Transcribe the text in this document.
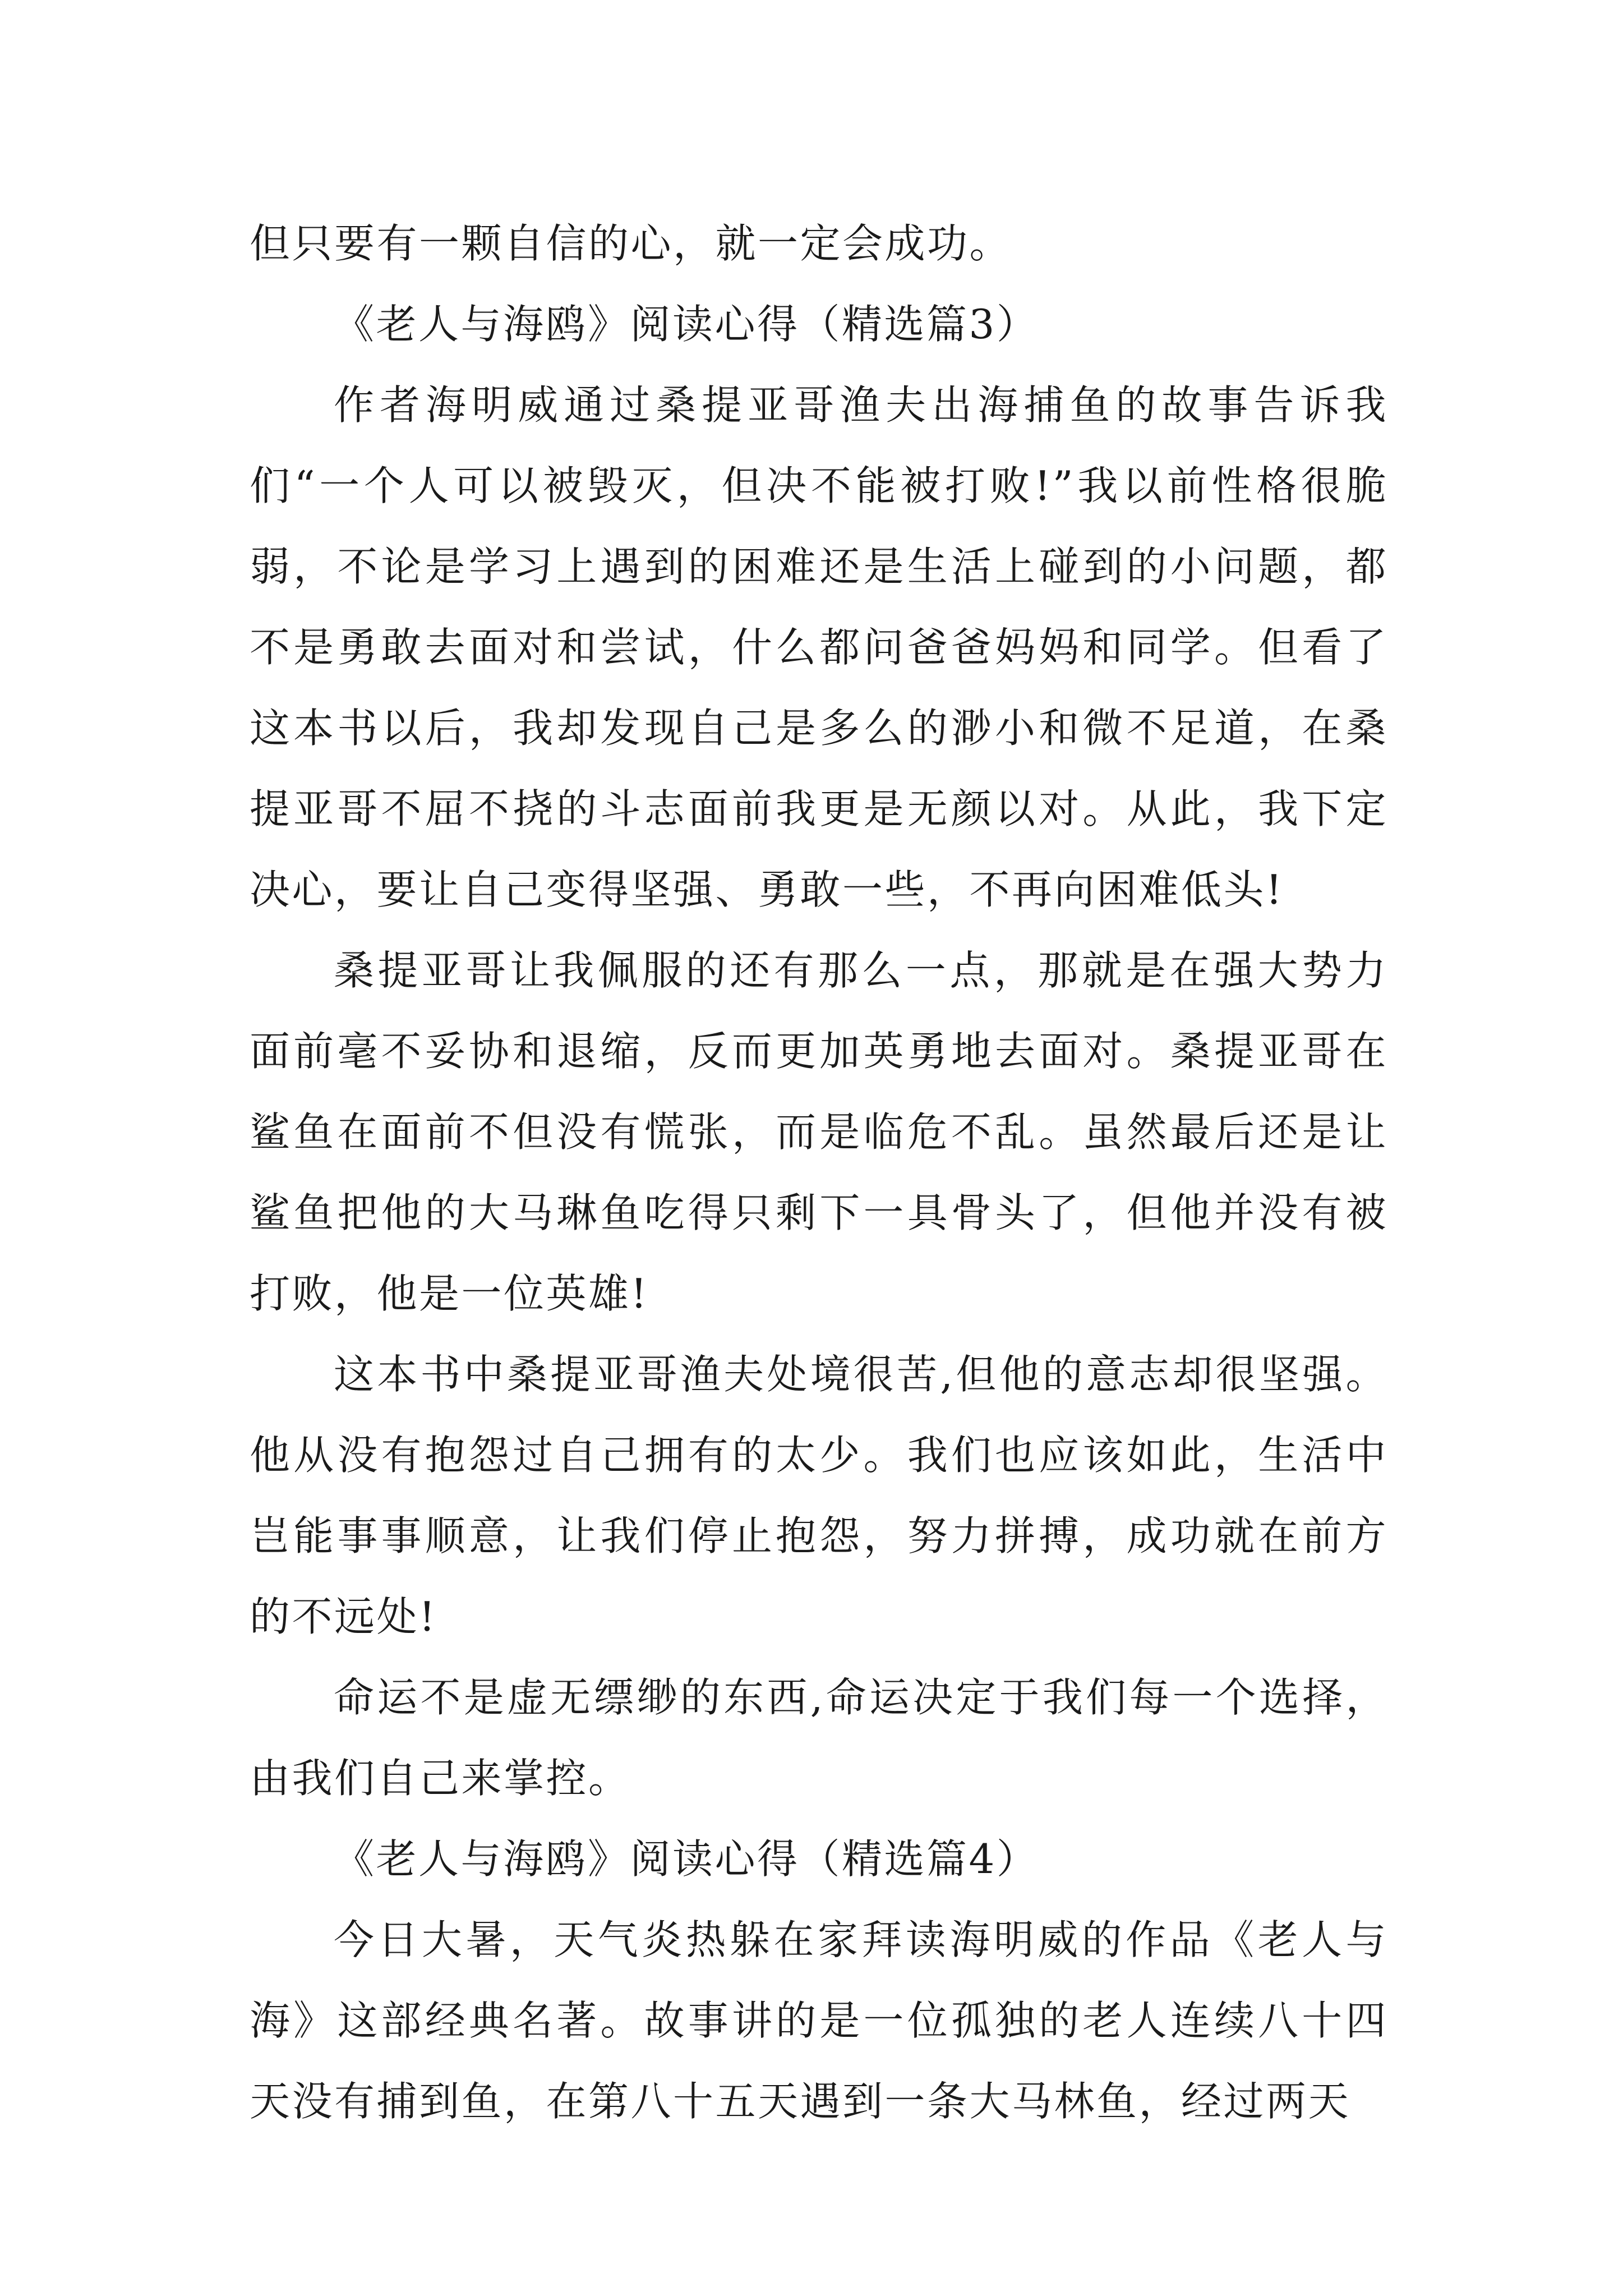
但只要有一颗自信的心，就一定会成功。

《老人与海鸥》阅读心得（精选篇3）

作者海明威通过桑提亚哥渔夫出海捕鱼的故事告诉我们“一个人可以被毁灭，但决不能被打败!”我以前性格很脆弱，不论是学习上遇到的困难还是生活上碰到的小问题，都不是勇敢去面对和尝试，什么都问爸爸妈妈和同学。但看了这本书以后，我却发现自己是多么的渺小和微不足道，在桑提亚哥不屈不挠的斗志面前我更是无颜以对。从此，我下定决心，要让自己变得坚强、勇敢一些，不再向困难低头!

桑提亚哥让我佩服的还有那么一点，那就是在强大势力面前毫不妥协和退缩，反而更加英勇地去面对。桑提亚哥在鲨鱼在面前不但没有慌张，而是临危不乱。虽然最后还是让鲨鱼把他的大马琳鱼吃得只剩下一具骨头了，但他并没有被打败，他是一位英雄!

这本书中桑提亚哥渔夫处境很苦,但他的意志却很坚强。他从没有抱怨过自己拥有的太少。我们也应该如此，生活中岂能事事顺意，让我们停止抱怨，努力拼搏，成功就在前方的不远处!

命运不是虚无缥缈的东西,命运决定于我们每一个选择，由我们自己来掌控。

《老人与海鸥》阅读心得（精选篇4）

今日大暑，天气炎热躲在家拜读海明威的作品《老人与海》这部经典名著。故事讲的是一位孤独的老人连续八十四天没有捕到鱼，在第八十五天遇到一条大马林鱼，经过两天
